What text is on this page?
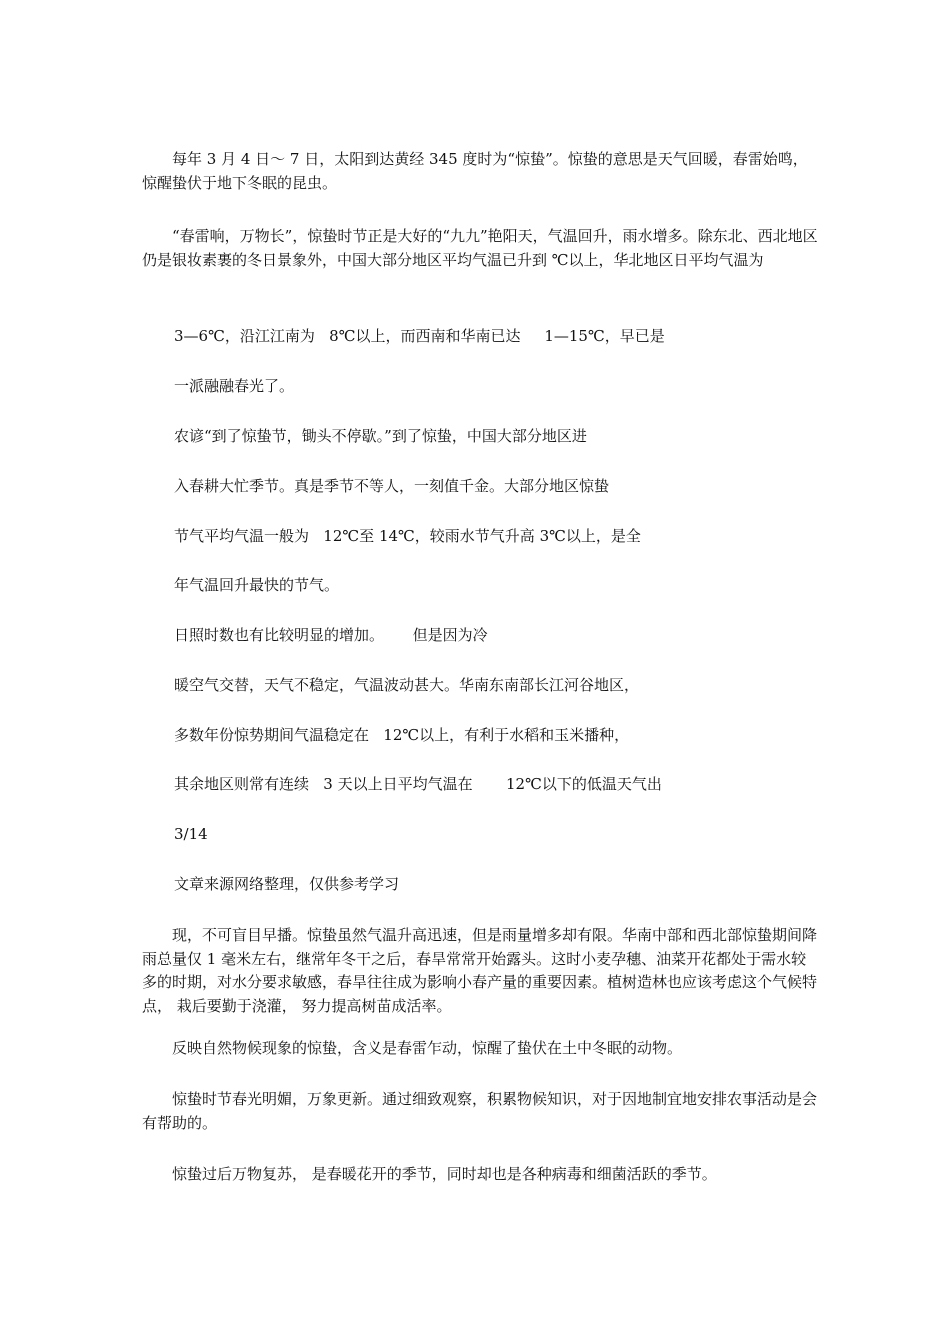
每年 3 月 4 日～ 7 日，太阳到达黄经 345 度时为“惊蛰”。惊蛰的意思是天气回暖，春雷始鸣，惊醒蛰伏于地下冬眠的昆虫。

“春雷响，万物长”，惊蛰时节正是大好的“九九”艳阳天，气温回升，雨水增多。除东北、西北地区仍是银妆素裹的冬日景象外，中国大部分地区平均气温已升到 ℃以上，华北地区日平均气温为

3—6℃，沿江江南为   8℃以上，而西南和华南已达     1—15℃，早已是
一派融融春光了。
农谚“到了惊蛰节，锄头不停歇。”到了惊蛰，中国大部分地区进
入春耕大忙季节。真是季节不等人，一刻值千金。大部分地区惊蛰
节气平均气温一般为   12℃至 14℃，较雨水节气升高 3℃以上，是全
年气温回升最快的节气。
日照时数也有比较明显的增加。      但是因为冷
暖空气交替，天气不稳定，气温波动甚大。华南东南部长江河谷地区，
多数年份惊势期间气温稳定在   12℃以上，有利于水稻和玉米播种，
其余地区则常有连续   3 天以上日平均气温在       12℃以下的低温天气出
3/14
文章来源网络整理，仅供参考学习

现，不可盲目早播。惊蛰虽然气温升高迅速，但是雨量增多却有限。华南中部和西北部惊蛰期间降雨总量仅 1 毫米左右，继常年冬干之后，春旱常常开始露头。这时小麦孕穗、油菜开花都处于需水较多的时期，对水分要求敏感，春旱往往成为影响小春产量的重要因素。植树造林也应该考虑这个气候特点， 栽后要勤于浇灌， 努力提高树苗成活率。

反映自然物候现象的惊蛰，含义是春雷乍动，惊醒了蛰伏在土中冬眠的动物。

惊蛰时节春光明媚，万象更新。通过细致观察，积累物候知识，对于因地制宜地安排农事活动是会有帮助的。

惊蛰过后万物复苏， 是春暖花开的季节，同时却也是各种病毒和细菌活跃的季节。
